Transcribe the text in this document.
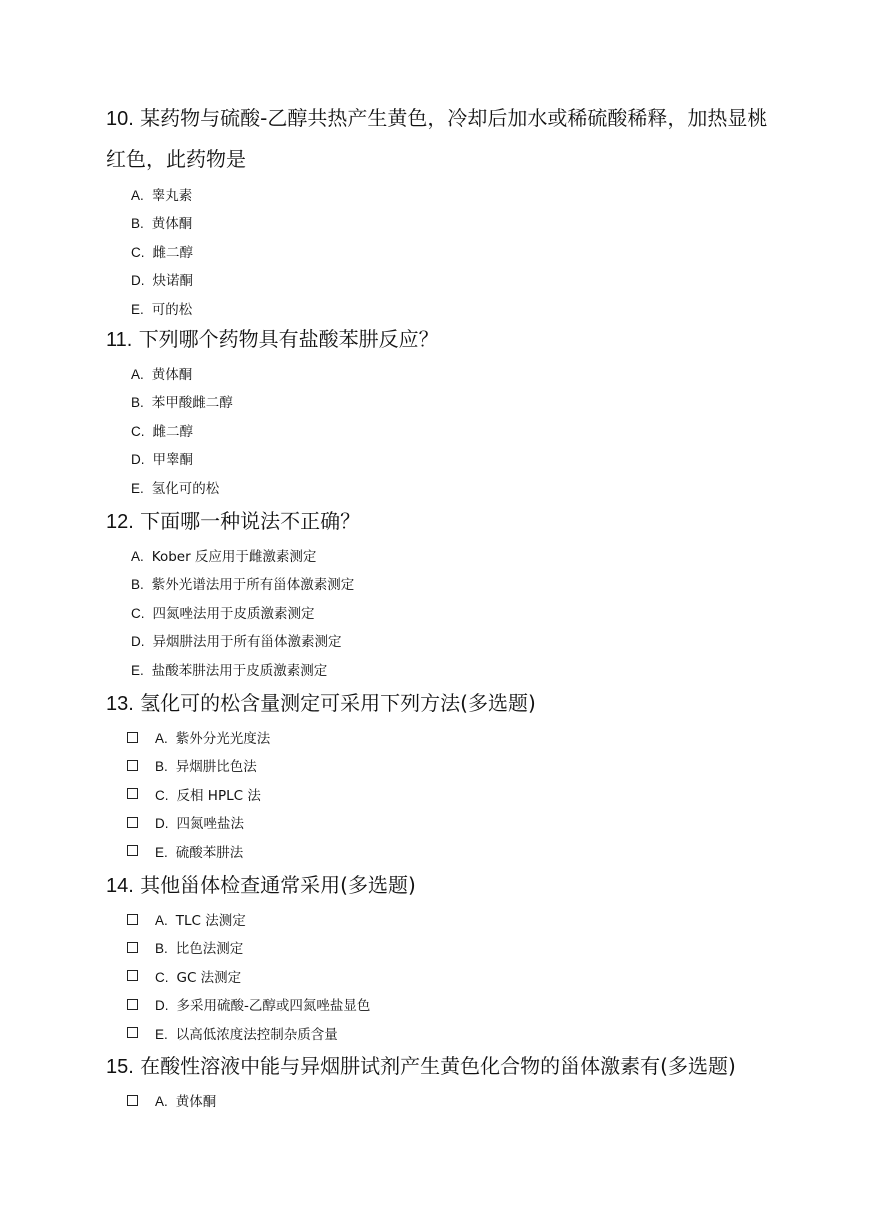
10. 某药物与硫酸-乙醇共热产生黄色，冷却后加水或稀硫酸稀释，加热显桃红色，此药物是
A. 睾丸素
B. 黄体酮
C. 雌二醇
D. 炔诺酮
E. 可的松
11. 下列哪个药物具有盐酸苯肼反应？
A. 黄体酮
B. 苯甲酸雌二醇
C. 雌二醇
D. 甲睾酮
E. 氢化可的松
12. 下面哪一种说法不正确？
A. Kober 反应用于雌激素测定
B. 紫外光谱法用于所有甾体激素测定
C. 四氮唑法用于皮质激素测定
D. 异烟肼法用于所有甾体激素测定
E. 盐酸苯肼法用于皮质激素测定
13. 氢化可的松含量测定可采用下列方法(多选题)
A. 紫外分光光度法
B. 异烟肼比色法
C. 反相 HPLC 法
D. 四氮唑盐法
E. 硫酸苯肼法
14. 其他甾体检查通常采用(多选题)
A. TLC 法测定
B. 比色法测定
C. GC 法测定
D. 多采用硫酸-乙醇或四氮唑盐显色
E. 以高低浓度法控制杂质含量
15. 在酸性溶液中能与异烟肼试剂产生黄色化合物的甾体激素有(多选题)
A. 黄体酮
